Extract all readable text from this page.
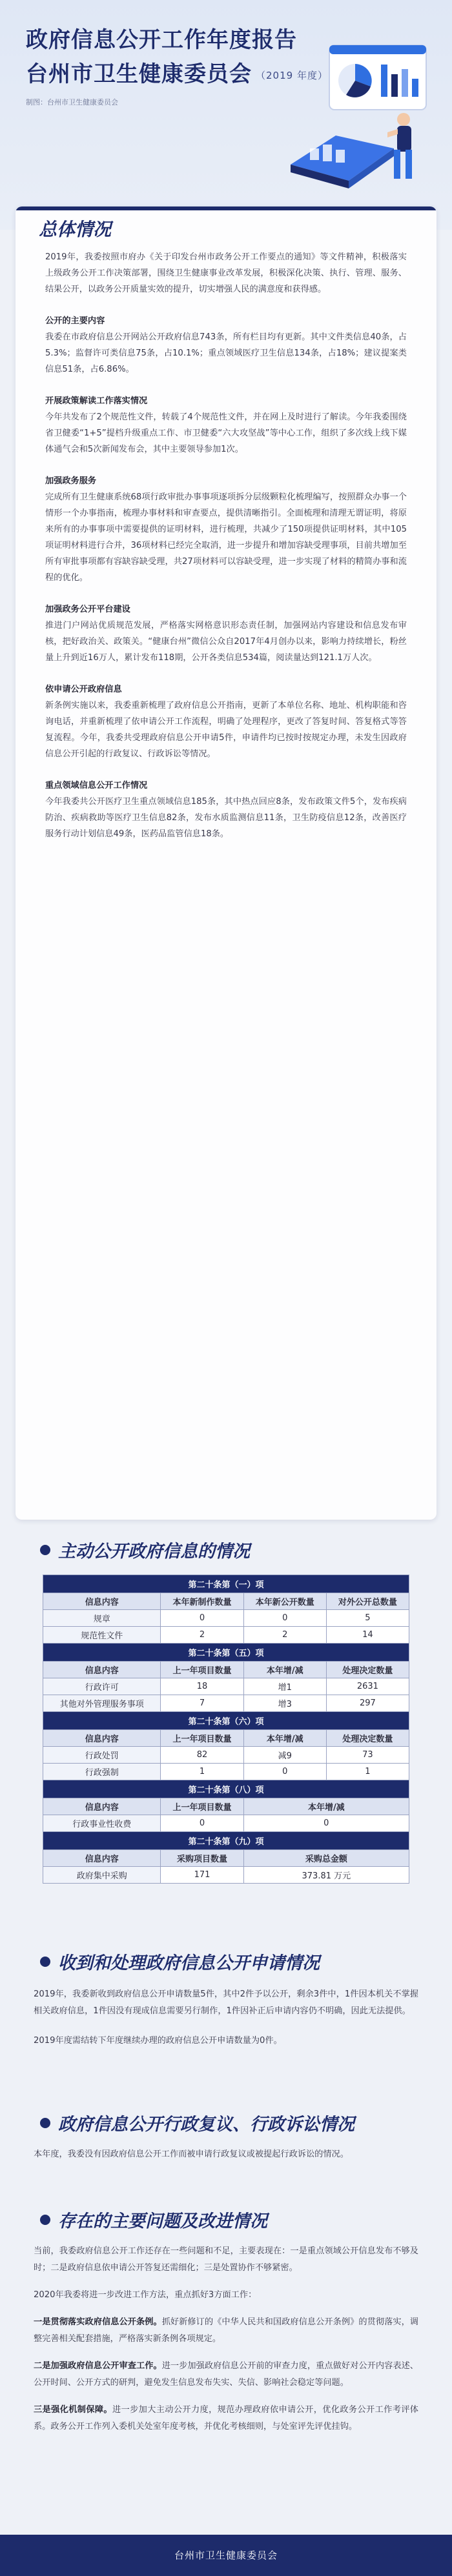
政府信息公开工作年度报告
台州市卫生健康委员会 （2019 年度）
制图：台州市卫生健康委员会
总体情况
2019年，我委按照市府办《关于印发台州市政务公开工作要点的通知》等文件精神，积极落实上级政务公开工作决策部署，围绕卫生健康事业改革发展，积极深化决策、执行、管理、服务、结果公开，以政务公开质量实效的提升，切实增强人民的满意度和获得感。
公开的主要内容
我委在市政府信息公开网站公开政府信息743条，所有栏目均有更新。其中文件类信息40条，占5.3%；监督许可类信息75条，占10.1%；重点领域医疗卫生信息134条，占18%；建议提案类信息51条，占6.86%。
开展政策解读工作落实情况
今年共发布了2个规范性文件，转载了4个规范性文件，并在网上及时进行了解读。今年我委围绕省卫健委“1+5”提档升级重点工作、市卫健委“六大攻坚战”等中心工作，组织了多次线上线下媒体通气会和5次新闻发布会，其中主要领导参加1次。
加强政务服务
完成所有卫生健康系统68项行政审批办事事项逐项拆分层级颗粒化梳理编写，按照群众办事一个情形一个办事指南，梳理办事材料和审查要点，提供清晰指引。全面梳理和清理无谓证明，将原来所有的办事事项中需要提供的证明材料，进行梳理，共减少了150项提供证明材料，其中105项证明材料进行合并，36项材料已经完全取消，进一步提升和增加容缺受理事项，目前共增加至所有审批事项都有容缺容缺受理，共27项材料可以容缺受理，进一步实现了材料的精简办事和流程的优化。
加强政务公开平台建设
推进门户网站优质规范发展，严格落实网格意识形态责任制，加强网站内容建设和信息发布审核，把好政治关、政策关。“健康台州”微信公众自2017年4月创办以来，影响力持续增长，粉丝量上升到近16万人，累计发布118期，公开各类信息534篇，阅读量达到121.1万人次。
依申请公开政府信息
新条例实施以来，我委重新梳理了政府信息公开指南，更新了本单位名称、地址、机构职能和咨询电话，并重新梳理了依申请公开工作流程，明确了处理程序，更改了答复时间、答复格式等答复流程。今年，我委共受理政府信息公开申请5件，申请件均已按时按规定办理，未发生因政府信息公开引起的行政复议、行政诉讼等情况。
重点领域信息公开工作情况
今年我委共公开医疗卫生重点领域信息185条，其中热点回应8条，发布政策文件5个，发布疾病防治、疾病救助等医疗卫生信息82条，发布水质监测信息11条，卫生防疫信息12条，改善医疗服务行动计划信息49条，医药品监管信息18条。
主动公开政府信息的情况
第二十条第（一）项			
信息内容	本年新制作数量	本年新公开数量	对外公开总数量
规章	0	0	5
规范性文件	2	2	14
第二十条第（五）项			
信息内容	上一年项目数量	本年增/减	处理决定数量
行政许可	18	增1	2631
其他对外管理服务事项	7	增3	297
第二十条第（六）项			
信息内容	上一年项目数量	本年增/减	处理决定数量
行政处罚	82	减9	73
行政强制	1	0	1
第二十条第（八）项			
信息内容	上一年项目数量	本年增/减	
行政事业性收费	0	0	
第二十条第（九）项			
信息内容	采购项目数量	采购总金额	
政府集中采购	171	373.81 万元	
收到和处理政府信息公开申请情况
2019年，我委新收到政府信息公开申请数量5件，其中2件予以公开，剩余3件中，1件因本机关不掌握相关政府信息，1件因没有现成信息需要另行制作，1件因补正后申请内容仍不明确，因此无法提供。
2019年度需结转下年度继续办理的政府信息公开申请数量为0件。
政府信息公开行政复议、行政诉讼情况
本年度，我委没有因政府信息公开工作而被申请行政复议或被提起行政诉讼的情况。
存在的主要问题及改进情况
当前，我委政府信息公开工作还存在一些问题和不足，主要表现在：一是重点领域公开信息发布不够及时；二是政府信息依申请公开答复还需细化；三是处置协作不够紧密。
2020年我委将进一步改进工作方法，重点抓好3方面工作：
一是贯彻落实政府信息公开条例。抓好新修订的《中华人民共和国政府信息公开条例》的贯彻落实，调整完善相关配套措施，严格落实新条例各项规定。
二是加强政府信息公开审查工作。进一步加强政府信息公开前的审查力度，重点做好对公开内容表述、公开时间、公开方式的研判，避免发生信息发布失实、失信、影响社会稳定等问题。
三是强化机制保障。进一步加大主动公开力度，规范办理政府依申请公开，优化政务公开工作考评体系。政务公开工作列入委机关处室年度考核，并优化考核细则，与处室评先评优挂钩。
台州市卫生健康委员会
